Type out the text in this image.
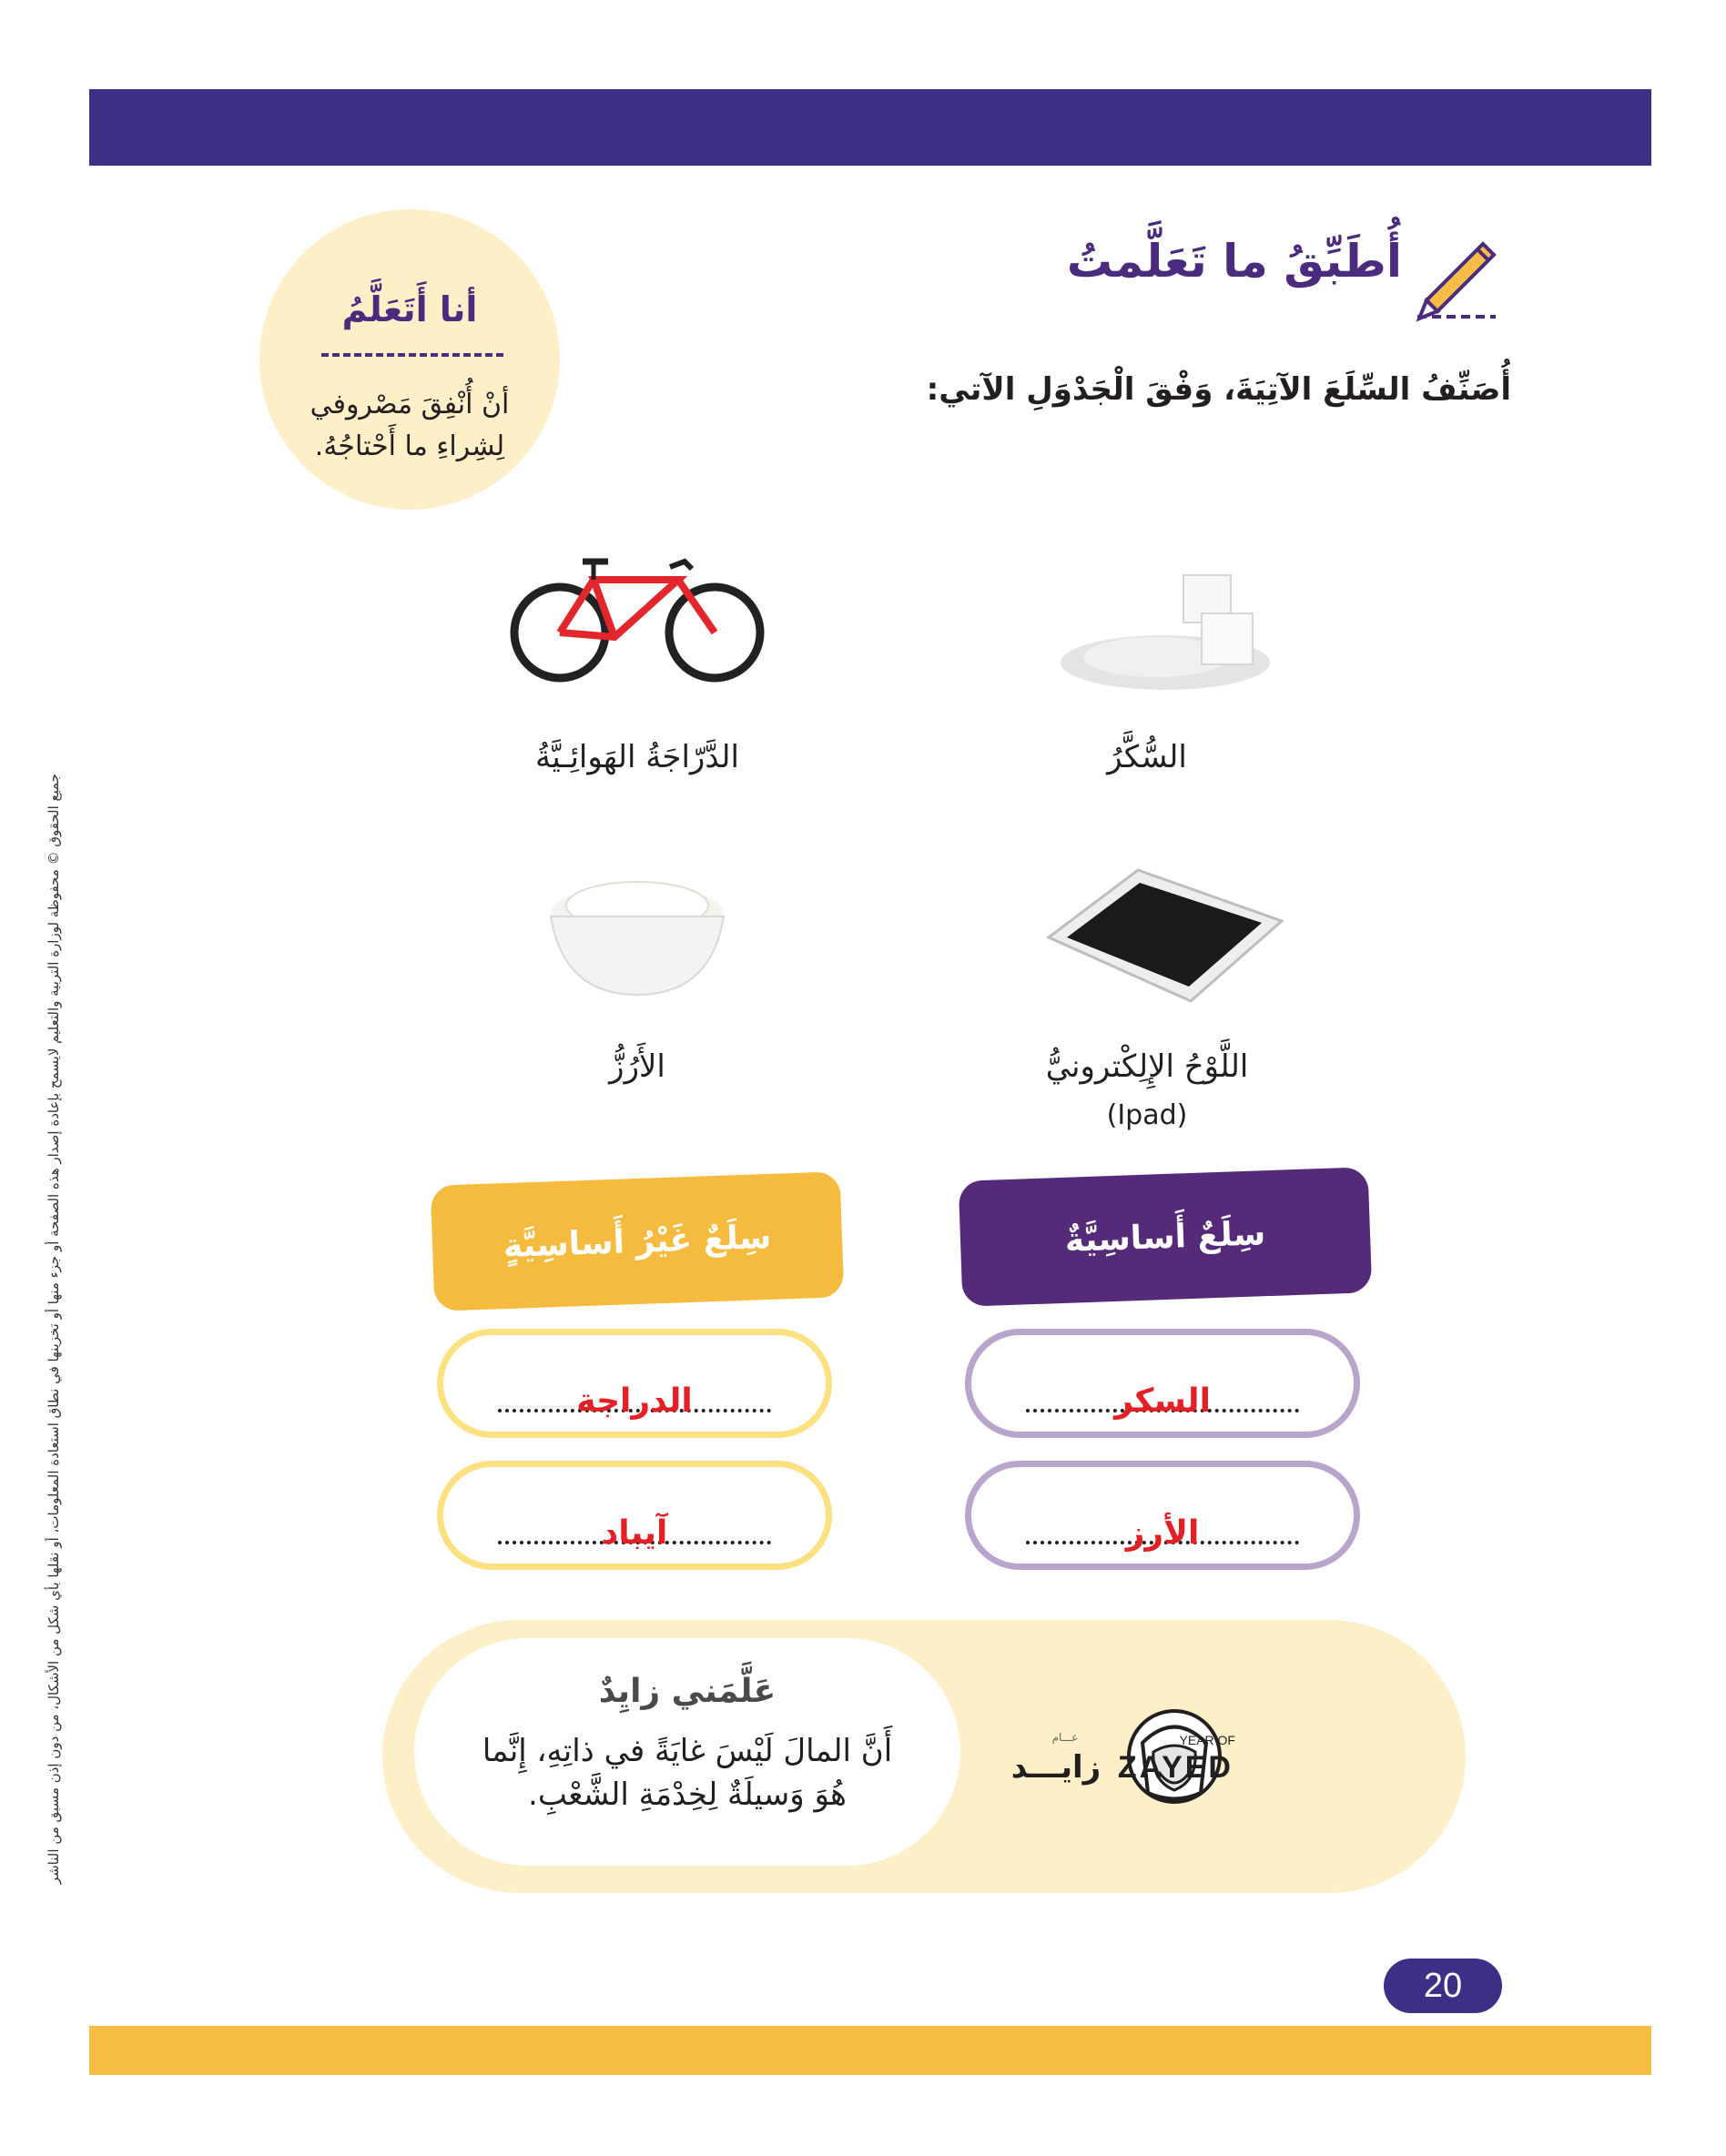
أُطَبِّقُ ما تَعَلَّمتُ
أُصَنِّفُ السِّلَعَ الآتِيَةَ، وَفْقَ الْجَدْوَلِ الآتي:
أنا أَتَعَلَّمُ
أنْ أُنْفِقَ مَصْروفي
لِشِراءِ ما أَحْتاجُهُ.
السُّكَّرُ
الدَّرّاجَةُ الهَوائِـيَّةُ
اللَّوْحُ الإِلِكْترونيُّ
(Ipad)
الأَرُزُّ
سِلَعٌ أَساسِيَّةٌ
سِلَعٌ غَيْرُ أَساسِيَّةٍ
السكر
الأرز
الدراجة
آيباد
عَلَّمَني زايِدٌ
أَنَّ المالَ لَيْسَ غايَةً في ذاتِهِ، إِنَّما
هُوَ وَسيلَةٌ لِخِدْمَةِ الشَّعْبِ.
عـــام
زايـــد
YEAR OF
ZAYED
20
جميع الحقوق © محفوظة لوزارة التربية والتعليم لايسمح بإعادة إصدار هذه الصفحة أو جزء منها أو تخزينها في نطاق استعادة المعلومات، أو نقلها بأي شكل من الأشكال، من دون إذن مسبق من الناشر
